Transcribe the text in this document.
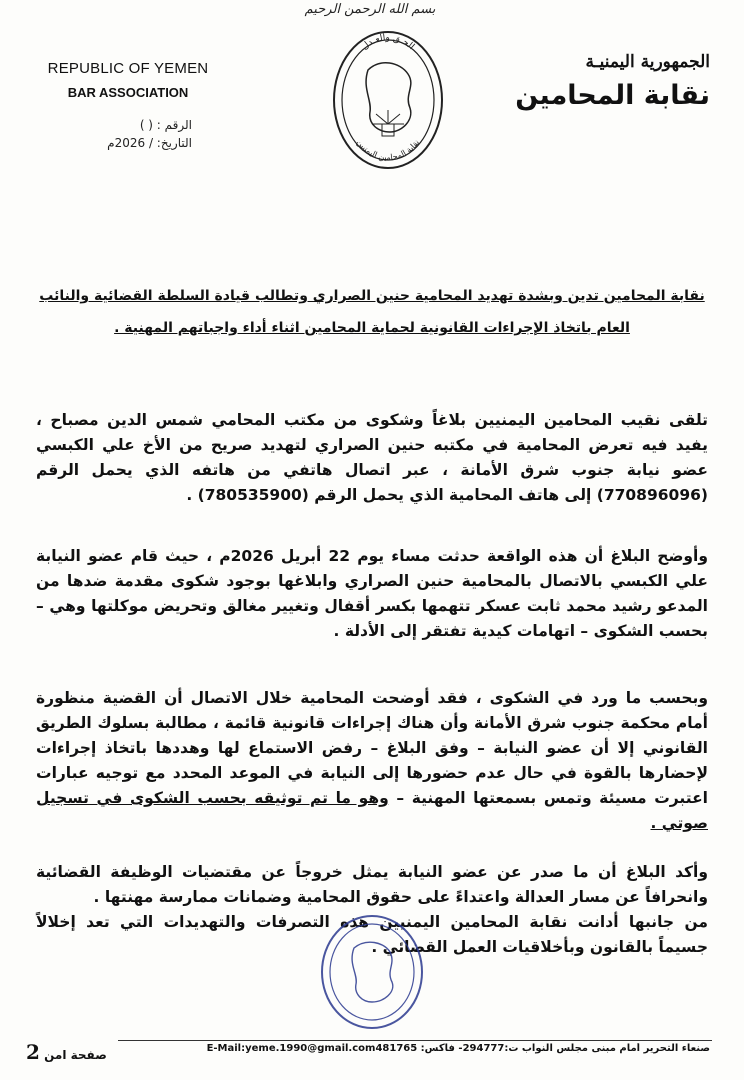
بسم الله الرحمن الرحيم
REPUBLIC OF YEMEN
BAR ASSOCIATION
الرقم : ( )
التاريخ: / 2026م
الجمهورية اليمنيـة
نقابة المحامين
الحـق والعـدل
نقابة المحامين اليمنيين
نقابة المحامين تدين وبشدة تهديد المحامية حنين الصراري وتطالب قيادة السلطة القضائية والنائب العام باتخاذ الإجراءات القانونية لحماية المحامين اثناء أداء واجباتهم المهنية .
تلقى نقيب المحامين اليمنيين بلاغاً وشكوى من مكتب المحامي شمس الدين مصباح ، يفيد فيه تعرض المحامية في مكتبه حنين الصراري لتهديد صريح من الأخ علي الكبسي عضو نيابة جنوب شرق الأمانة ، عبر اتصال هاتفي من هاتفه الذي يحمل الرقم (770896096) إلى هاتف المحامية الذي يحمل الرقم (780535900) .
وأوضح البلاغ أن هذه الواقعة حدثت مساء يوم 22 أبريل 2026م ، حيث قام عضو النيابة علي الكبسي بالاتصال بالمحامية حنين الصراري وابلاغها بوجود شكوى مقدمة ضدها من المدعو رشيد محمد ثابت عسكر تتهمها بكسر أقفال وتغيير مغالق وتحريض موكلتها وهي – بحسب الشكوى – اتهامات كيدية تفتقر إلى الأدلة .
وبحسب ما ورد في الشكوى ، فقد أوضحت المحامية خلال الاتصال أن القضية منظورة أمام محكمة جنوب شرق الأمانة وأن هناك إجراءات قانونية قائمة ، مطالبة بسلوك الطريق القانوني إلا أن عضو النيابة – وفق البلاغ – رفض الاستماع لها وهددها باتخاذ إجراءات لإحضارها بالقوة في حال عدم حضورها إلى النيابة في الموعد المحدد مع توجيه عبارات اعتبرت مسيئة وتمس بسمعتها المهنية – وهو ما تم توثيقه بحسب الشكوى في تسجيل صوتي .
وأكد البلاغ أن ما صدر عن عضو النيابة يمثل خروجاً عن مقتضيات الوظيفة القضائية وانحرافاً عن مسار العدالة واعتداءً على حقوق المحامية وضمانات ممارسة مهنتها .
من جانبها أدانت نقابة المحامين اليمنيين هذه التصرفات والتهديدات التي تعد إخلالاً جسيماً بالقانون وبأخلاقيات العمل القضائي .
صنعاء التحرير أمام مبنى مجلس النواب ت:294777- فاكس: E-Mail:yeme.1990@gmail.com481765
صفحة امن 2
